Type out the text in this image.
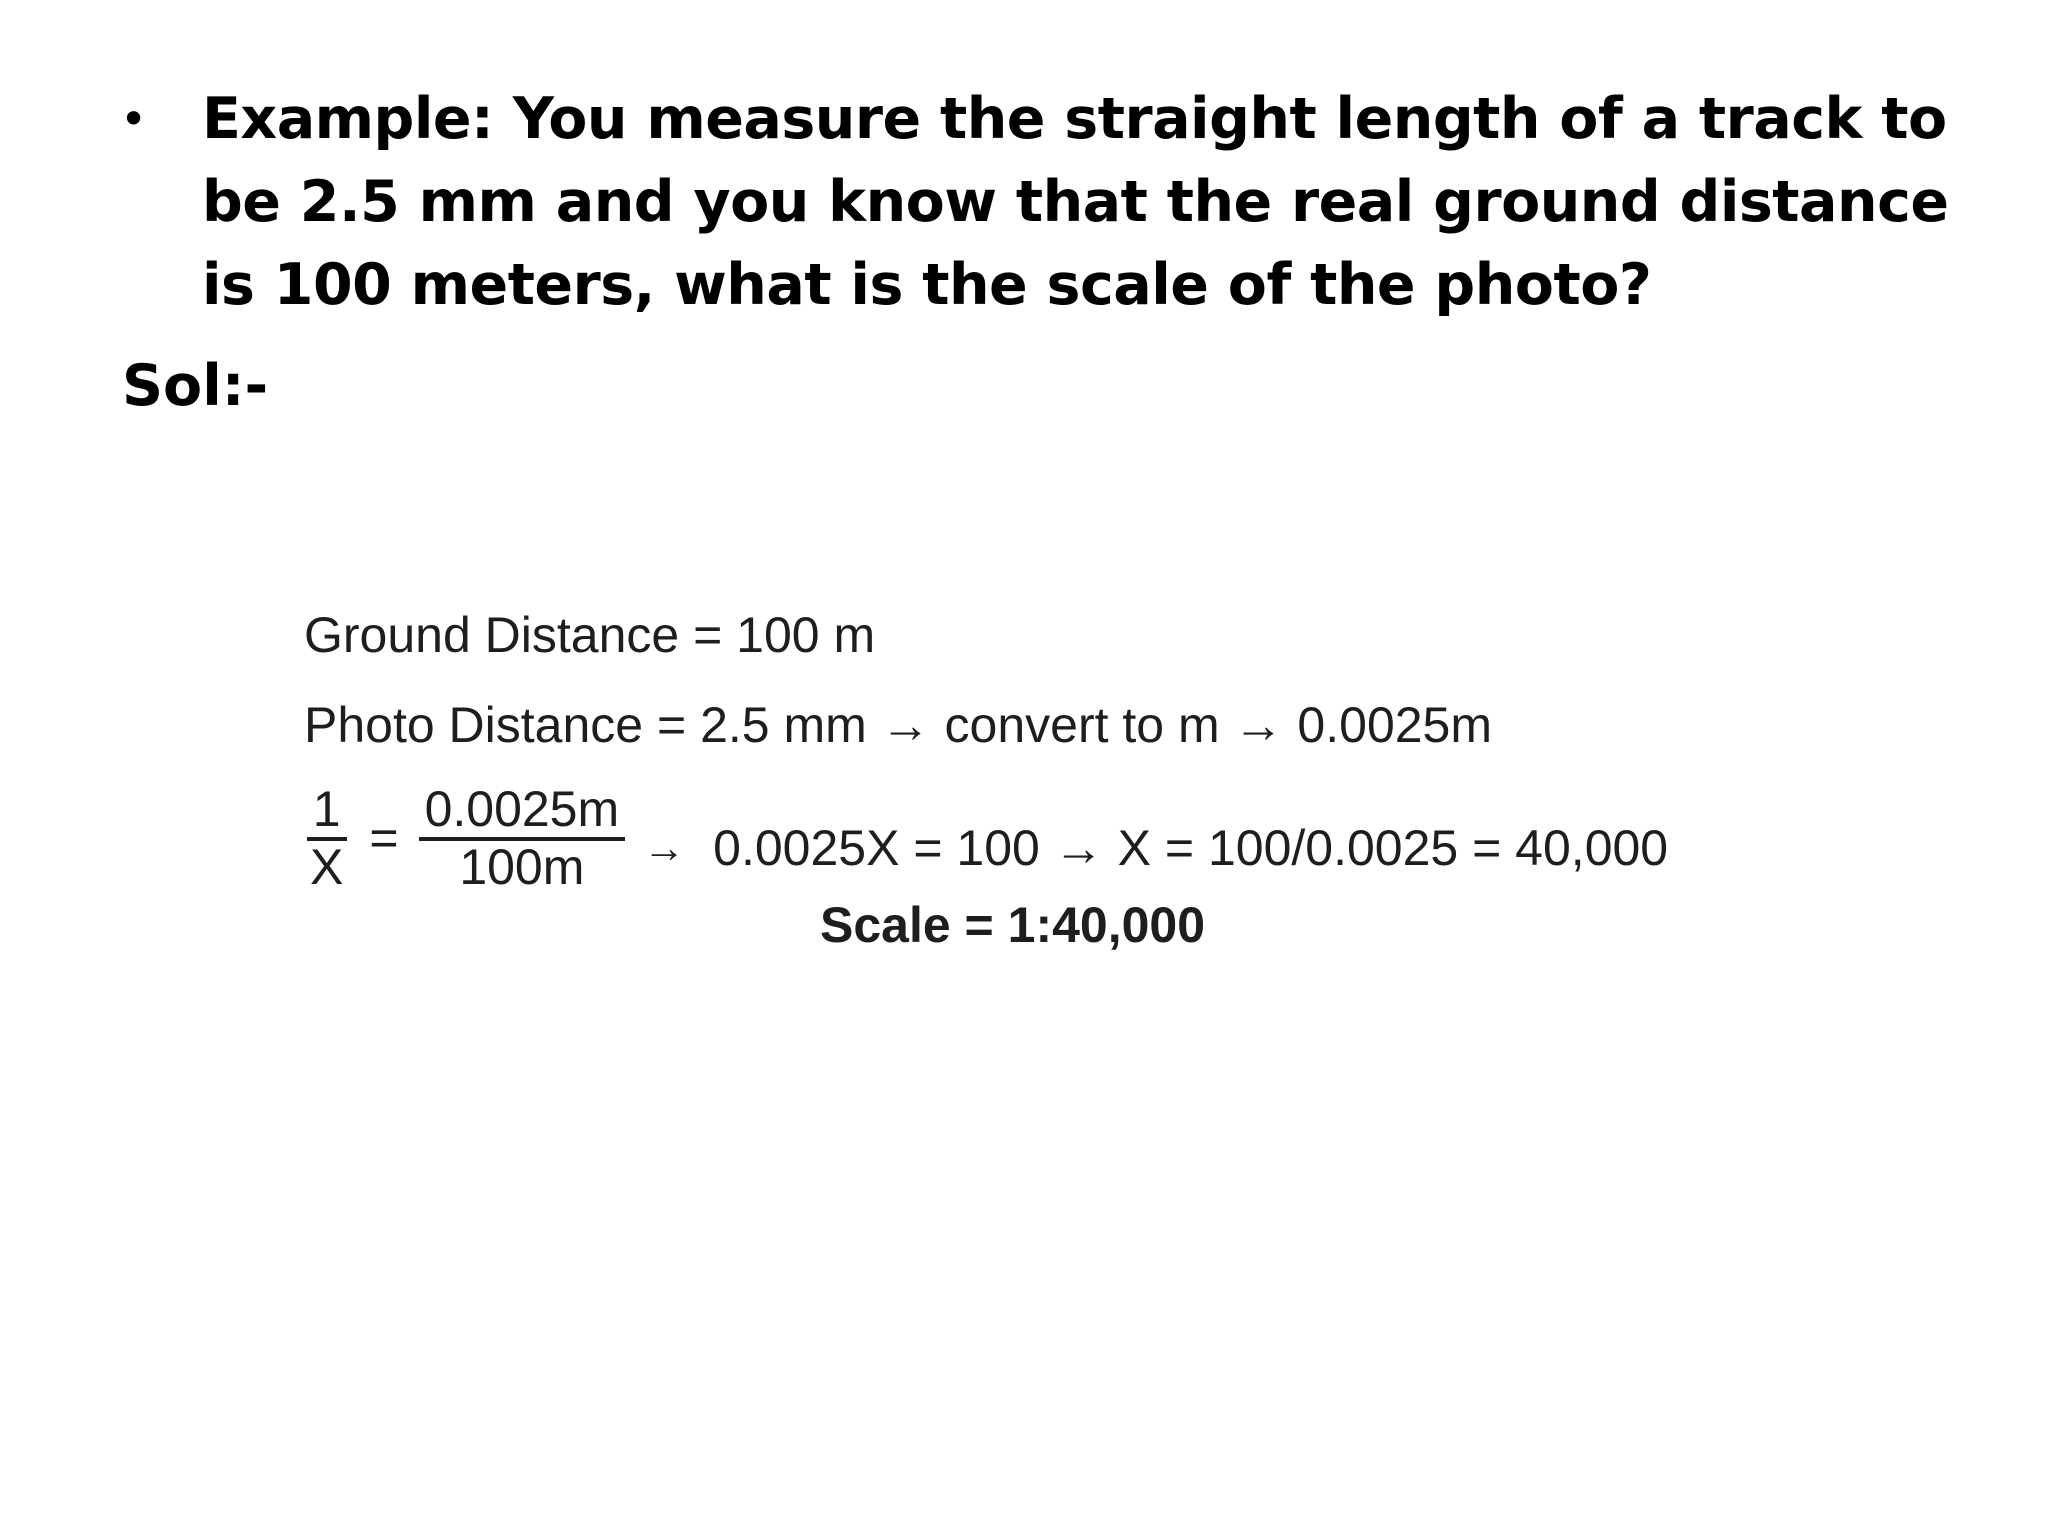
• Example: You measure the straight length of a track to be 2.5 mm and you know that the real ground distance is 100 meters, what is the scale of the photo?
Sol:-
Ground Distance = 100 m
Photo Distance = 2.5 mm → convert to m → 0.0025m
$\frac{1}{X} = \frac{0.0025m}{100m} \to 0.0025X = 100 \to X = 100/0.0025 = 40,000$
Scale = 1:40,000
